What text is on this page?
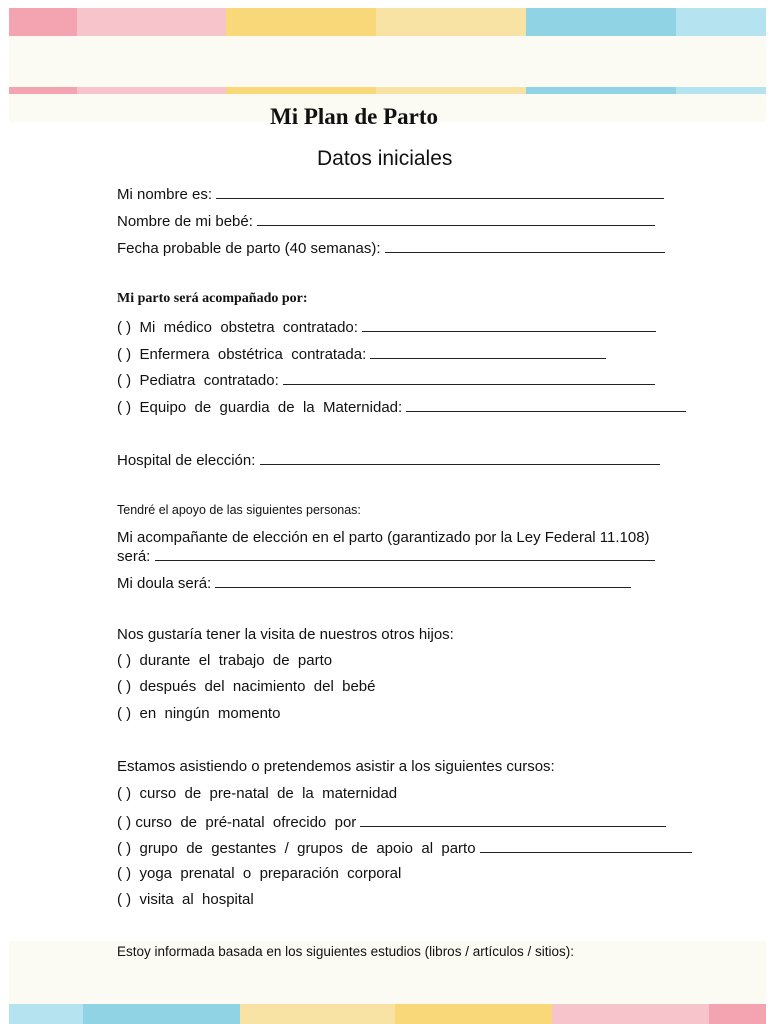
Mi Plan de Parto
Datos iniciales
Mi nombre es:
Nombre de mi bebé:
Fecha probable de parto (40 semanas):
Mi parto será acompañado por:
( )  Mi  médico  obstetra  contratado:
( )  Enfermera  obstétrica  contratada:
( )  Pediatra  contratado:
( )  Equipo  de  guardia  de  la  Maternidad:
Hospital de elección:
Tendré el apoyo de las siguientes personas:
Mi acompañante de elección en el parto (garantizado por la Ley Federal 11.108)
será:
Mi doula será:
Nos gustaría tener la visita de nuestros otros hijos:
( )  durante  el  trabajo  de  parto
( )  después  del  nacimiento  del  bebé
( )  en  ningún  momento
Estamos asistiendo o pretendemos asistir a los siguientes cursos:
( )  curso  de  pre-natal  de  la  maternidad
( ) curso  de  pré-natal  ofrecido  por
( )  grupo  de  gestantes  /  grupos  de  apoio  al  parto
( )  yoga  prenatal  o  preparación  corporal
( )  visita  al  hospital
Estoy informada basada en los siguientes estudios (libros / artículos / sitios):
